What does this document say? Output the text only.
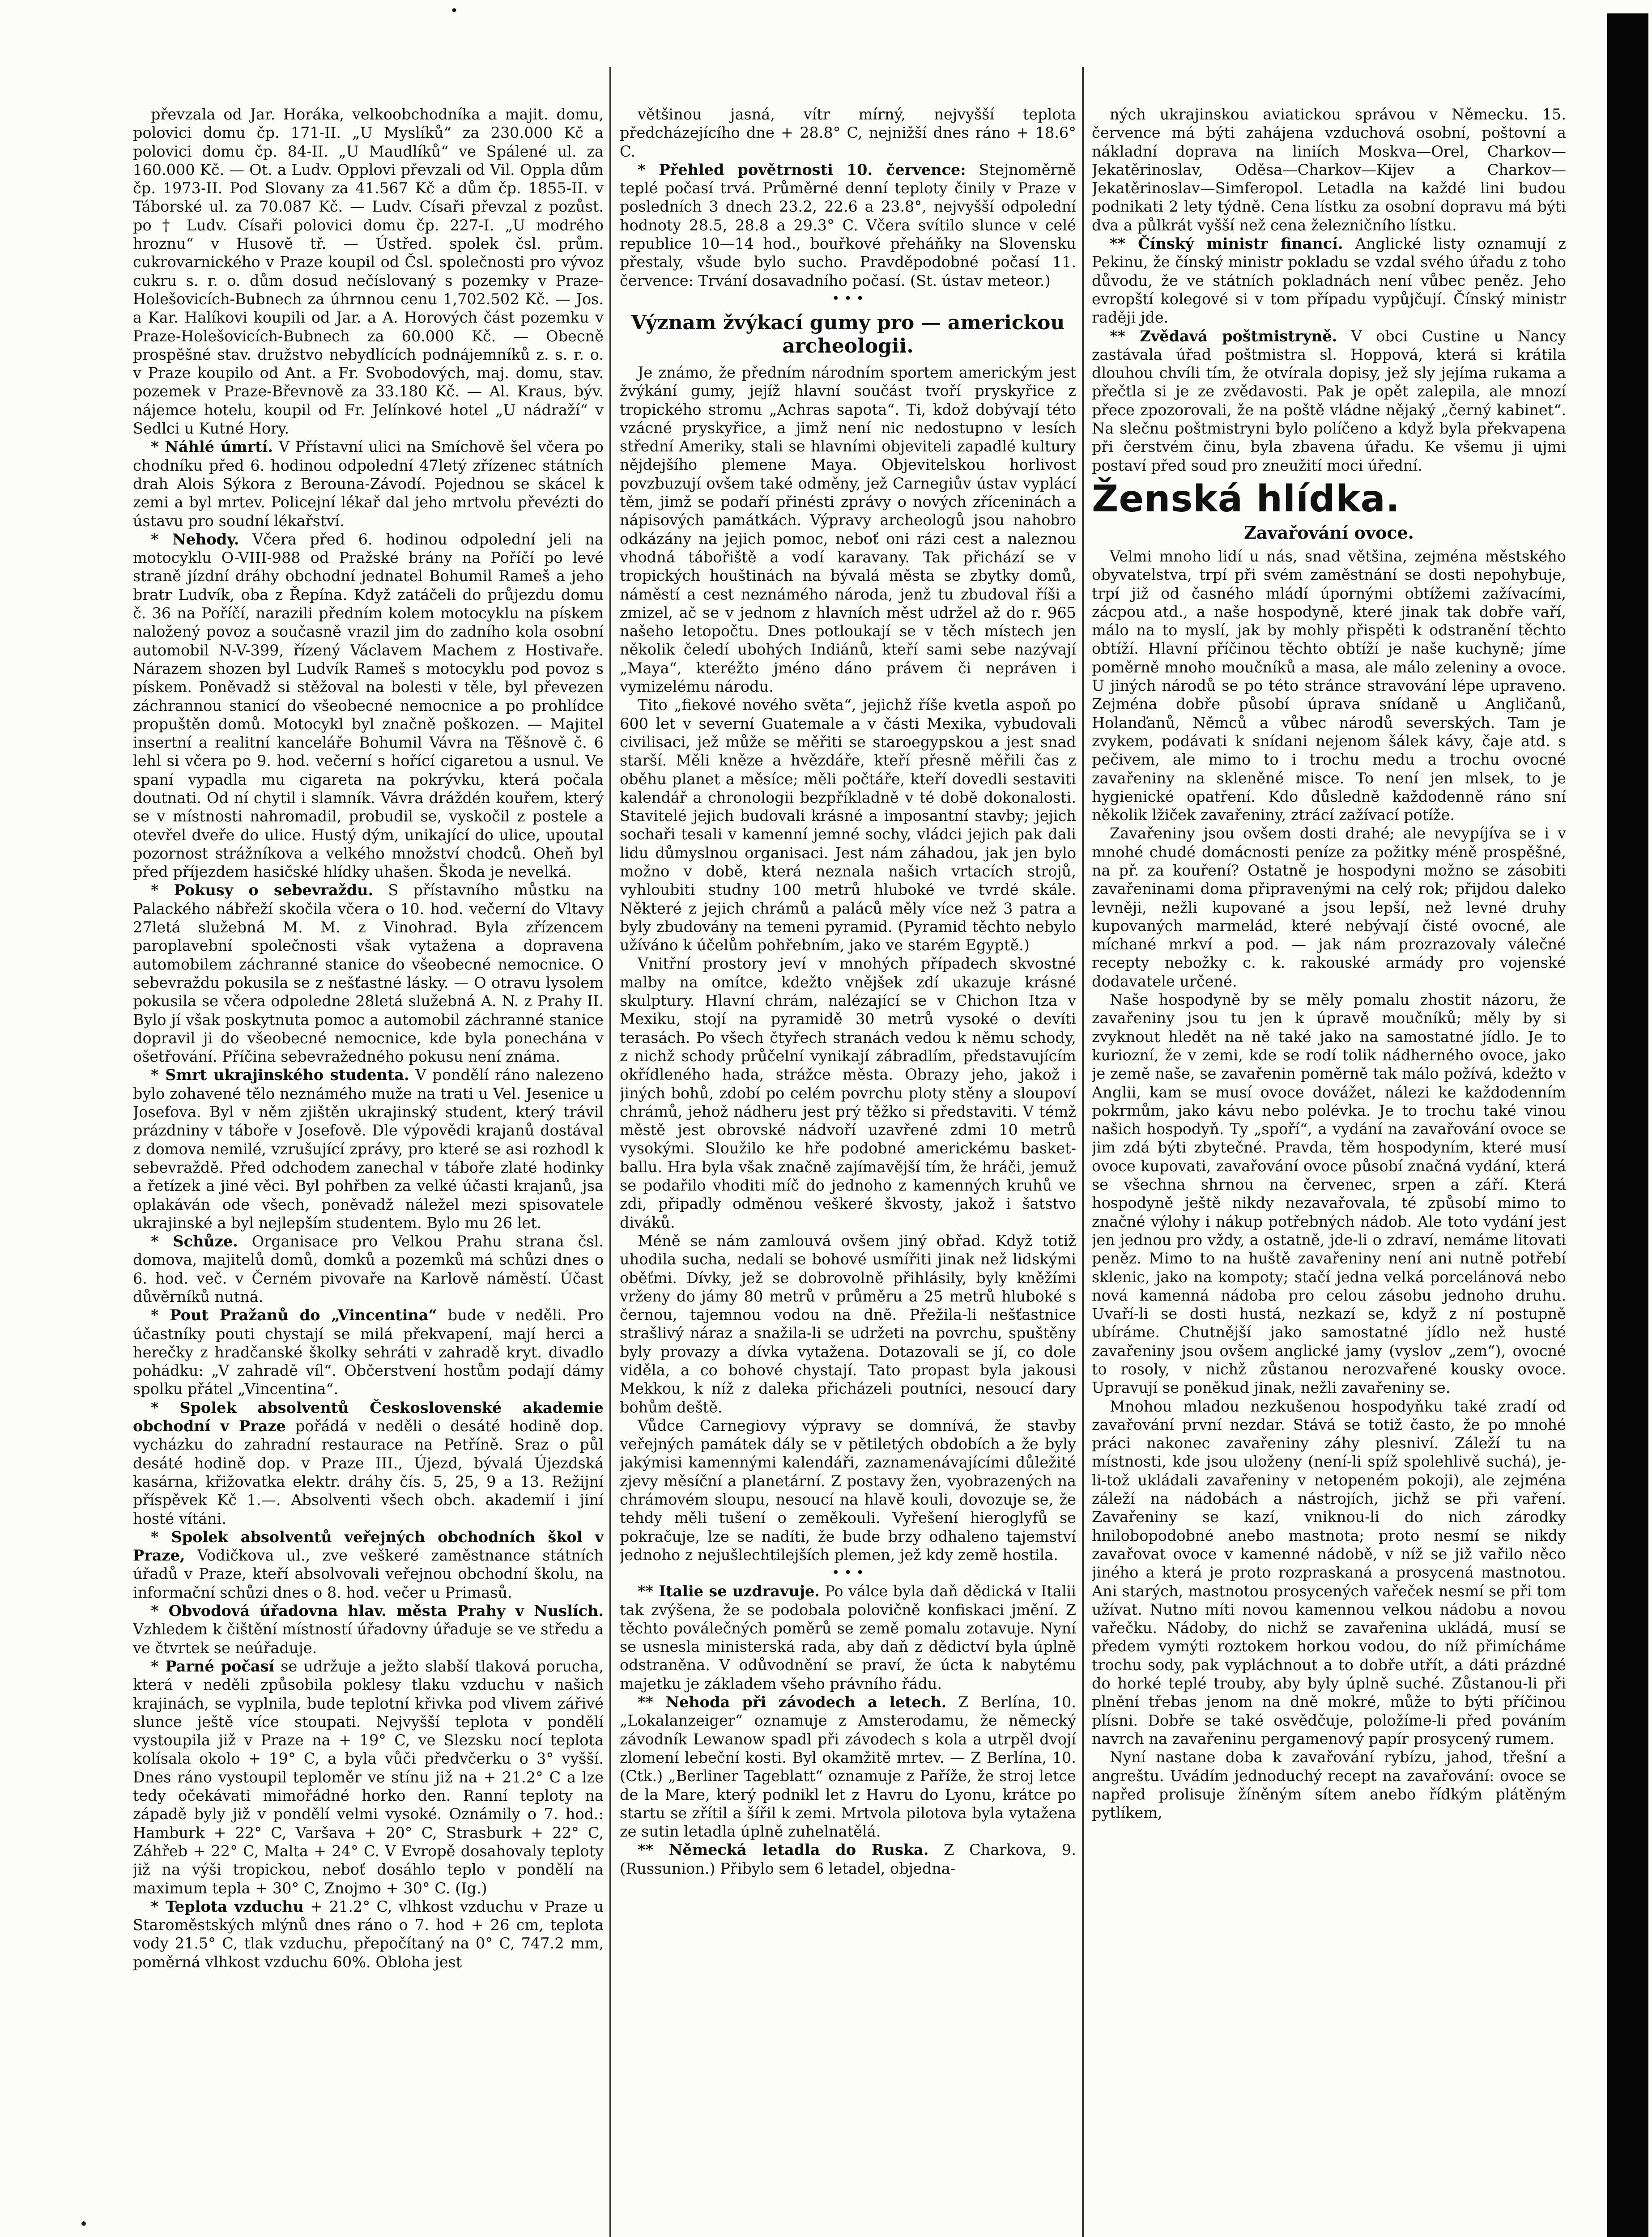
•

převzala od Jar. Horáka, velkoobchodníka a majit. domu, polovici domu čp. 171-II. „U Myslíků“ za 230.000 Kč a polovici domu čp. 84-II. „U Maudlíků“ ve Spálené ul. za 160.000 Kč. — Ot. a Ludv. Opplovi převzali od Vil. Oppla dům čp. 1973-II. Pod Slovany za 41.567 Kč a dům čp. 1855-II. v Táborské ul. za 70.087 Kč. — Ludv. Císaři převzal z pozůst. po † Ludv. Císaři polovici domu čp. 227-I. „U modrého hroznu“ v Husově tř. — Ústřed. spolek čsl. prům. cukrovarnického v Praze koupil od Čsl. společnosti pro vývoz cukru s. r. o. dům dosud nečíslovaný s pozemky v Praze-Holešovicích-Bubnech za úhrnnou cenu 1,702.502 Kč. — Jos. a Kar. Halíkovi koupili od Jar. a A. Horových část pozemku v Praze-Holešovicích-Bubnech za 60.000 Kč. — Obecně prospěšné stav. družstvo nebydlících podnájemníků z. s. r. o. v Praze koupilo od Ant. a Fr. Svobodových, maj. domu, stav. pozemek v Praze-Břevnově za 33.180 Kč. — Al. Kraus, býv. nájemce hotelu, koupil od Fr. Jelínkové hotel „U nádraží“ v Sedlci u Kutné Hory.

* Náhlé úmrtí. V Přístavní ulici na Smíchově šel včera po chodníku před 6. hodinou odpolední 47letý zřízenec státních drah Alois Sýkora z Berouna-Závodí. Pojednou se skácel k zemi a byl mrtev. Policejní lékař dal jeho mrtvolu převézti do ústavu pro soudní lékařství.

* Nehody. Včera před 6. hodinou odpolední jeli na motocyklu O-VIII-988 od Pražské brány na Poříčí po levé straně jízdní dráhy obchodní jednatel Bohumil Rameš a jeho bratr Ludvík, oba z Řepína. Když zatáčeli do průjezdu domu č. 36 na Poříčí, narazili předním kolem motocyklu na pískem naložený povoz a současně vrazil jim do zadního kola osobní automobil N-V-399, řízený Václavem Machem z Hostivaře. Nárazem shozen byl Ludvík Rameš s motocyklu pod povoz s pískem. Poněvadž si stěžoval na bolesti v těle, byl převezen záchrannou stanicí do všeobecné nemocnice a po prohlídce propuštěn domů. Motocykl byl značně poškozen. — Majitel insertní a realitní kanceláře Bohumil Vávra na Těšnově č. 6 lehl si včera po 9. hod. večerní s hořící cigaretou a usnul. Ve spaní vypadla mu cigareta na pokrývku, která počala doutnati. Od ní chytil i slamník. Vávra dráždén kouřem, který se v místnosti nahromadil, probudil se, vyskočil z postele a otevřel dveře do ulice. Hustý dým, unikající do ulice, upoutal pozornost strážníkova a velkého množství chodců. Oheň byl před příjezdem hasičské hlídky uhašen. Škoda je nevelká.

* Pokusy o sebevraždu. S přístavního můstku na Palackého nábřeží skočila včera o 10. hod. večerní do Vltavy 27letá služebná M. M. z Vinohrad. Byla zřízencem paroplavební společnosti však vytažena a dopravena automobilem záchranné stanice do všeobecné nemocnice. O sebevraždu pokusila se z nešťastné lásky. — O otravu lysolem pokusila se včera odpoledne 28letá služebná A. N. z Prahy II. Bylo jí však poskytnuta pomoc a automobil záchranné stanice dopravil ji do všeobecné nemocnice, kde byla ponechána v ošetřování. Příčina sebevražedného pokusu není známa.

* Smrt ukrajinského studenta. V pondělí ráno nalezeno bylo zohavené tělo neznámého muže na trati u Vel. Jesenice u Josefova. Byl v něm zjištěn ukrajinský student, který trávil prázdniny v táboře v Josefově. Dle výpovědi krajanů dostával z domova nemilé, vzrušující zprávy, pro které se asi rozhodl k sebevraždě. Před odchodem zanechal v táboře zlaté hodinky a řetízek a jiné věci. Byl pohřben za velké účasti krajanů, jsa oplakáván ode všech, poněvadž náležel mezi spisovatele ukrajinské a byl nejlepším studentem. Bylo mu 26 let.

* Schůze. Organisace pro Velkou Prahu strana čsl. domova, majitelů domů, domků a pozemků má schůzi dnes o 6. hod. več. v Černém pivovaře na Karlově náměstí. Účast důvěrníků nutná.

* Pout Pražanů do „Vincentina“ bude v neděli. Pro účastníky pouti chystají se milá překvapení, mají herci a herečky z hradčanské školky sehráti v zahradě kryt. divadlo pohádku: „V zahradě víl“. Občerstvení hostům podají dámy spolku přátel „Vincentina“.

* Spolek absolventů Československé akademie obchodní v Praze pořádá v neděli o desáté hodině dop. vycházku do zahradní restaurace na Petříně. Sraz o půl desáté hodině dop. v Praze III., Újezd, bývalá Újezdská kasárna, křižovatka elektr. dráhy čís. 5, 25, 9 a 13. Režijní příspěvek Kč 1.—. Absolventi všech obch. akademií i jiní hosté vítáni.

* Spolek absolventů veřejných obchodních škol v Praze, Vodičkova ul., zve veškeré zaměstnance státních úřadů v Praze, kteří absolvovali veřejnou obchodní školu, na informační schůzi dnes o 8. hod. večer u Primasů.

* Obvodová úřadovna hlav. města Prahy v Nuslích. Vzhledem k čištění místností úřadovny úřaduje se ve středu a ve čtvrtek se neúřaduje.

* Parné počasí se udržuje a ježto slabší tlaková porucha, která v neděli způsobila poklesy tlaku vzduchu v našich krajinách, se vyplnila, bude teplotní křivka pod vlivem zářivé slunce ještě více stoupati. Nejvyšší teplota v pondělí vystoupila již v Praze na + 19° C, ve Slezsku nocí teplota kolísala okolo + 19° C, a byla vůči předvčerku o 3° vyšší. Dnes ráno vystoupil teploměr ve stínu již na + 21.2° C a lze tedy očekávati mimořádné horko den. Ranní teploty na západě byly již v pondělí velmi vysoké. Oznámily o 7. hod.: Hamburk + 22° C, Varšava + 20° C, Strasburk + 22° C, Záhřeb + 22° C, Malta + 24° C. V Evropě dosahovaly teploty již na výši tropickou, neboť dosáhlo teplo v pondělí na maximum tepla + 30° C, Znojmo + 30° C. (Ig.)

* Teplota vzduchu + 21.2° C, vlhkost vzduchu v Praze u Staroměstských mlýnů dnes ráno o 7. hod + 26 cm, teplota vody 21.5° C, tlak vzduchu, přepočítaný na 0° C, 747.2 mm, poměrná vlhkost vzduchu 60%. Obloha jest

většinou jasná, vítr mírný, nejvyšší teplota předcházejícího dne + 28.8° C, nejnižší dnes ráno + 18.6° C.

* Přehled povětrnosti 10. července: Stejnoměrně teplé počasí trvá. Průměrné denní teploty činily v Praze v posledních 3 dnech 23.2, 22.6 a 23.8°, nejvyšší odpolední hodnoty 28.5, 28.8 a 29.3° C. Včera svítilo slunce v celé republice 10—14 hod., bouřkové přeháňky na Slovensku přestaly, všude bylo sucho. Pravděpodobné počasí 11. července: Trvání dosavadního počasí. (St. ústav meteor.)

• • •
Význam žvýkací gumy pro — americkou archeologii.

Je známo, že předním národním sportem americkým jest žvýkání gumy, jejíž hlavní součást tvoří pryskyřice z tropického stromu „Achras sapota“. Ti, kdož dobývají této vzácné pryskyřice, a jimž není nic nedostupno v lesích střední Ameriky, stali se hlavními objeviteli zapadlé kultury nějdejšího plemene Maya. Objevitelskou horlivost povzbuzují ovšem také odměny, jež Carnegiův ústav vyplácí těm, jimž se podaří přinésti zprávy o nových zříceninách a nápisových památkách. Výpravy archeologů jsou nahobro odkázány na jejich pomoc, neboť oni rázi cest a naleznou vhodná tábořiště a vodí karavany. Tak přichází se v tropických houštinách na bývalá města se zbytky domů, náměstí a cest neznámého národa, jenž tu zbudoval říši a zmizel, ač se v jednom z hlavních měst udržel až do r. 965 našeho letopočtu. Dnes potloukají se v těch místech jen několik čeledí ubohých Indiánů, kteří sami sebe nazývají „Maya“, kteréžto jméno dáno právem či nepráven i vymizelému národu.

Tito „fiekové nového světa“, jejichž říše kvetla aspoň po 600 let v severní Guatemale a v části Mexika, vybudovali civilisaci, jež může se měřiti se staroegypskou a jest snad starší. Měli kněze a hvězdáře, kteří přesně měřili čas z oběhu planet a měsíce; měli počtáře, kteří dovedli sestaviti kalendář a chronologii bezpříkladně v té době dokonalosti. Stavitelé jejich budovali krásné a imposantní stavby; jejich sochaři tesali v kamenní jemné sochy, vládci jejich pak dali lidu důmyslnou organisaci. Jest nám záhadou, jak jen bylo možno v době, která neznala našich vrtacích strojů, vyhloubiti studny 100 metrů hluboké ve tvrdé skále. Některé z jejich chrámů a paláců měly více než 3 patra a byly zbudovány na temeni pyramid. (Pyramid těchto nebylo užíváno k účelům pohřebním, jako ve starém Egyptě.)

Vnitřní prostory jeví v mnohých případech skvostné malby na omítce, kdežto vnějšek zdí ukazuje krásné skulptury. Hlavní chrám, nalézající se v Chichon Itza v Mexiku, stojí na pyramidě 30 metrů vysoké o devíti terasách. Po všech čtyřech stranách vedou k němu schody, z nichž schody průčelní vynikají zábradlím, představujícím okřídleného hada, strážce města. Obrazy jeho, jakož i jiných bohů, zdobí po celém povrchu ploty stěny a sloupoví chrámů, jehož nádheru jest prý těžko si představiti. V témž městě jest obrovské nádvoří uzavřené zdmi 10 metrů vysokými. Sloužilo ke hře podobné americkému basket-ballu. Hra byla však značně zajímavější tím, že hráči, jemuž se podařilo vhoditi míč do jednoho z kamenných kruhů ve zdi, připadly odměnou veškeré škvosty, jakož i šatstvo diváků.

Méně se nám zamlouvá ovšem jiný obřad. Když totiž uhodila sucha, nedali se bohové usmířiti jinak než lidskými oběťmi. Dívky, jež se dobrovolně přihlásily, byly kněžími vrženy do jámy 80 metrů v průměru a 25 metrů hluboké s černou, tajemnou vodou na dně. Přežila-li nešťastnice strašlivý náraz a snažila-li se udržeti na povrchu, spuštěny byly provazy a dívka vytažena. Dotazovali se jí, co dole viděla, a co bohové chystají. Tato propast byla jakousi Mekkou, k níž z daleka přicházeli poutníci, nesoucí dary bohům deště.

Vůdce Carnegiovy výpravy se domnívá, že stavby veřejných památek dály se v pětiletých obdobích a že byly jakýmisi kamennými kalendáři, zaznamenávajícími důležité zjevy měsíční a planetární. Z postavy žen, vyobrazených na chrámovém sloupu, nesoucí na hlavě kouli, dovozuje se, že tehdy měli tušení o zeměkouli. Vyřešení hieroglyfů se pokračuje, lze se nadíti, že bude brzy odhaleno tajemství jednoho z nejušlechtilejších plemen, jež kdy země hostila.

• • •

** Italie se uzdravuje. Po válce byla daň dědická v Italii tak zvýšena, že se podobala polovičně konfiskaci jmění. Z těchto poválečných poměrů se země pomalu zotavuje. Nyní se usnesla ministerská rada, aby daň z dědictví byla úplně odstraněna. V odůvodnění se praví, že úcta k nabytému majetku je základem všeho právního řádu.

** Nehoda při závodech a letech. Z Berlína, 10. „Lokalanzeiger“ oznamuje z Amsterodamu, že německý závodník Lewanow spadl při závodech s kola a utrpěl dvojí zlomení lebeční kosti. Byl okamžitě mrtev. — Z Berlína, 10. (Ctk.) „Berliner Tageblatt“ oznamuje z Paříže, že stroj letce de la Mare, který podnikl let z Havru do Lyonu, krátce po startu se zřítil a šířil k zemi. Mrtvola pilotova byla vytažena ze sutin letadla úplně zuhelnatělá.

** Německá letadla do Ruska. Z Charkova, 9. (Russunion.) Přibylo sem 6 letadel, objedna-

ných ukrajinskou aviatickou správou v Německu. 15. července má býti zahájena vzduchová osobní, poštovní a nákladní doprava na liniích Moskva—Orel, Charkov—Jekatěrinoslav, Oděsa—Charkov—Kijev a Charkov—Jekatěrinoslav—Simferopol. Letadla na každé lini budou podnikati 2 lety týdně. Cena lístku za osobní dopravu má býti dva a půlkrát vyšší než cena železničního lístku.

** Čínský ministr financí. Anglické listy oznamují z Pekinu, že čínský ministr pokladu se vzdal svého úřadu z toho důvodu, že ve státních pokladnách není vůbec peněz. Jeho evropští kolegové si v tom případu vypůjčují. Čínský ministr raději jde.

** Zvědavá poštmistryně. V obci Custine u Nancy zastávala úřad poštmistra sl. Hoppová, která si krátila dlouhou chvíli tím, že otvírala dopisy, jež sly jejíma rukama a přečtla si je ze zvědavosti. Pak je opět zalepila, ale mnozí přece zpozorovali, že na poště vládne nějaký „černý kabinet“. Na slečnu poštmistryni bylo políčeno a když byla překvapena při čerstvém činu, byla zbavena úřadu. Ke všemu ji ujmi postaví před soud pro zneužití moci úřední.

Ženská hlídka.
Zavařování ovoce.

Velmi mnoho lidí u nás, snad většina, zejména městského obyvatelstva, trpí při svém zaměstnání se dosti nepohybuje, trpí již od časného mládí úpornými obtížemi zažívacími, zácpou atd., a naše hospodyně, které jinak tak dobře vaří, málo na to myslí, jak by mohly přispěti k odstranění těchto obtíží. Hlavní příčinou těchto obtíží je naše kuchyně; jíme poměrně mnoho moučníků a masa, ale málo zeleniny a ovoce. U jiných národů se po této stránce stravování lépe upraveno. Zejména dobře působí úprava snídaně u Angličanů, Holanďanů, Němců a vůbec národů severských. Tam je zvykem, podávati k snídani nejenom šálek kávy, čaje atd. s pečivem, ale mimo to i trochu medu a trochu ovocné zavařeniny na skleněné misce. To není jen mlsek, to je hygienické opatření. Kdo důsledně každodenně ráno sní několik lžiček zavařeniny, ztrácí zažívací potíže.

Zavařeniny jsou ovšem dosti drahé; ale nevypíjíva se i v mnohé chudé domácnosti peníze za požitky méně prospěšné, na př. za kouření? Ostatně je hospodyni možno se zásobiti zavařeninami doma připravenými na celý rok; přijdou daleko levněji, nežli kupované a jsou lepší, než levné druhy kupovaných marmelád, které nebývají čisté ovocné, ale míchané mrkví a pod. — jak nám prozrazovaly válečné recepty nebožky c. k. rakouské armády pro vojenské dodavatele určené.

Naše hospodyně by se měly pomalu zhostit názoru, že zavařeniny jsou tu jen k úpravě moučníků; měly by si zvyknout hledět na ně také jako na samostatné jídlo. Je to kuriozní, že v zemi, kde se rodí tolik nádherného ovoce, jako je země naše, se zavařenin poměrně tak málo požívá, kdežto v Anglii, kam se musí ovoce dovážet, nálezi ke každodenním pokrmům, jako kávu nebo polévka. Je to trochu také vinou našich hospodyň. Ty „spoří“, a vydání na zavařování ovoce se jim zdá býti zbytečné. Pravda, těm hospodyním, které musí ovoce kupovati, zavařování ovoce působí značná vydání, která se všechna shrnou na červenec, srpen a září. Která hospodyně ještě nikdy nezavařovala, té způsobí mimo to značné výlohy i nákup potřebných nádob. Ale toto vydání jest jen jednou pro vždy, a ostatně, jde-li o zdraví, nemáme litovati peněz. Mimo to na huště zavařeniny není ani nutně potřebí sklenic, jako na kompoty; stačí jedna velká porcelánová nebo nová kamenná nádoba pro celou zásobu jednoho druhu. Uvaří-li se dosti hustá, nezkazí se, když z ní postupně ubíráme. Chutnější jako samostatné jídlo než husté zavařeniny jsou ovšem anglické jamy (vyslov „zem“), ovocné to rosoly, v nichž zůstanou nerozvařené kousky ovoce. Upravují se poněkud jinak, nežli zavařeniny se.

Mnohou mladou nezkušenou hospodyňku také zradí od zavařování první nezdar. Stává se totiž často, že po mnohé práci nakonec zavařeniny záhy plesniví. Záleží tu na místnosti, kde jsou uloženy (není-li spíž spolehlivě suchá), je-li-tož ukládali zavařeniny v netopeném pokoji), ale zejména záleží na nádobách a nástrojích, jichž se při vaření. Zavařeniny se kazí, vniknou-li do nich zárodky hnilobopodobné anebo mastnota; proto nesmí se nikdy zavařovat ovoce v kamenné nádobě, v níž se již vařilo něco jiného a která je proto rozpraskaná a prosycená mastnotou. Ani starých, mastnotou prosycených vařeček nesmí se při tom užívat. Nutno míti novou kamennou velkou nádobu a novou vařečku. Nádoby, do nichž se zavařenina ukládá, musí se předem vymýti roztokem horkou vodou, do níž přimícháme trochu sody, pak vypláchnout a to dobře utřít, a dáti prázdné do horké teplé trouby, aby byly úplně suché. Zůstanou-li při plnění třebas jenom na dně mokré, může to býti příčinou plísni. Dobře se také osvědčuje, položíme-li před pováním navrch na zavařeninu pergamenový papír prosycený rumem.

Nyní nastane doba k zavařování rybízu, jahod, třešní a angreštu. Uvádím jednoduchý recept na zavařování: ovoce se napřed prolisuje žíněným sítem anebo řídkým plátěným pytlíkem,
